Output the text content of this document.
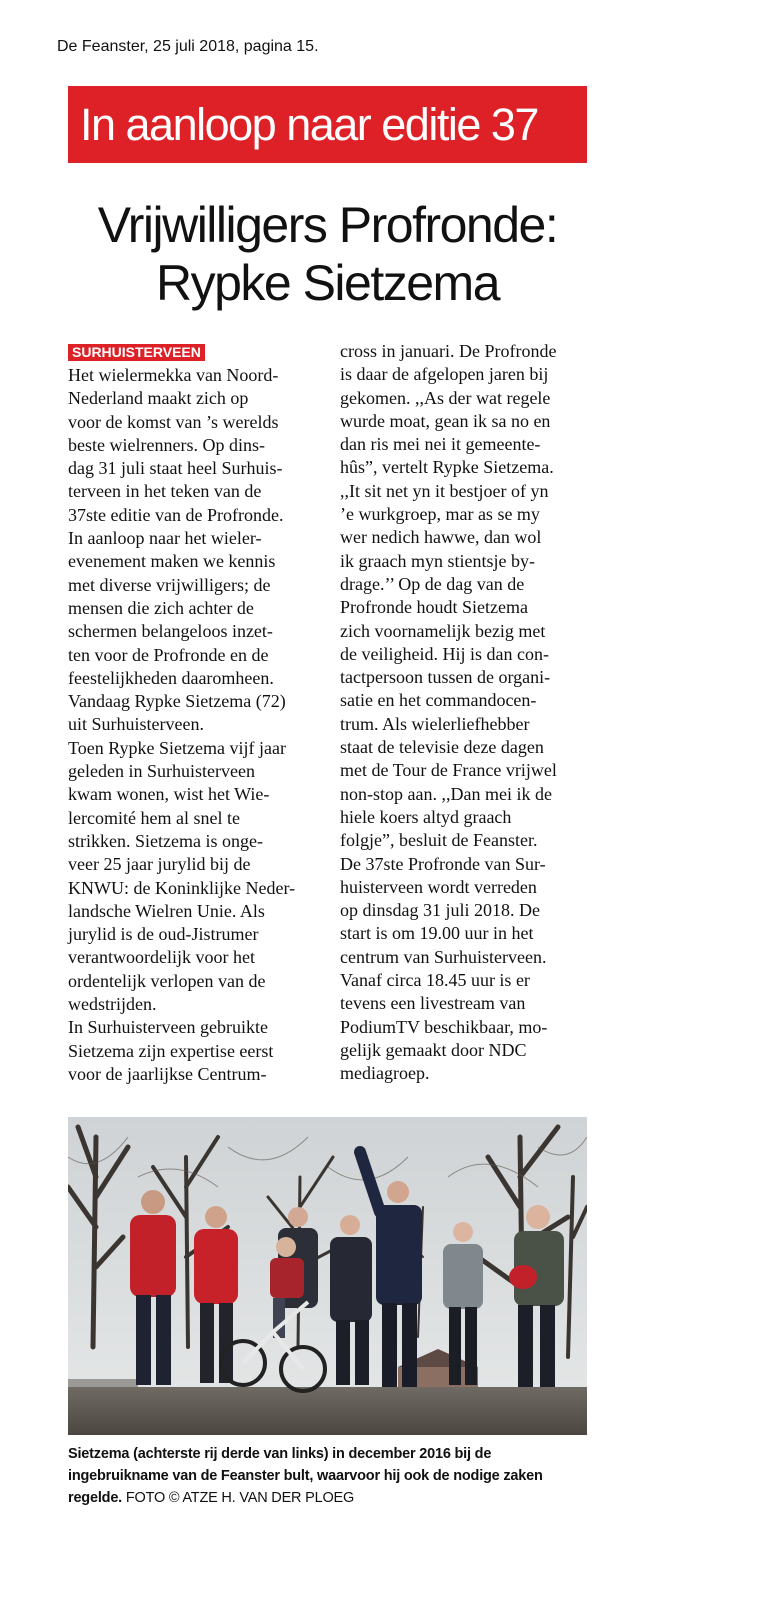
De Feanster, 25 juli 2018, pagina 15.
In aanloop naar editie 37
Vrijwilligers Profronde:
Rypke Sietzema
SURHUISTERVEEN

Het wielermekka van Noord-

Nederland maakt zich op

voor de komst van ’s werelds

beste wielrenners. Op dins-

dag 31 juli staat heel Surhuis-

terveen in het teken van de

37ste editie van de Profronde.

In aanloop naar het wieler-

evenement maken we kennis

met diverse vrijwilligers; de

mensen die zich achter de

schermen belangeloos inzet-

ten voor de Profronde en de

feestelijkheden daaromheen.

Vandaag Rypke Sietzema (72)

uit Surhuisterveen.

Toen Rypke Sietzema vijf jaar

geleden in Surhuisterveen

kwam wonen, wist het Wie-

lercomité hem al snel te

strikken. Sietzema is onge-

veer 25 jaar jurylid bij de

KNWU: de Koninklijke Neder-

landsche Wielren Unie. Als

jurylid is de oud-Jistrumer

verantwoordelijk voor het

ordentelijk verlopen van de

wedstrijden.

In Surhuisterveen gebruikte

Sietzema zijn expertise eerst

voor de jaarlijkse Centrum-

cross in januari. De Profronde

is daar de afgelopen jaren bij

gekomen. ,,As der wat regele

wurde moat, gean ik sa no en

dan ris mei nei it gemeente-

hûs”, vertelt Rypke Sietzema.

,,It sit net yn it bestjoer of yn

’e wurkgroep, mar as se my

wer nedich hawwe, dan wol

ik graach myn stientsje by-

drage.’’ Op de dag van de

Profronde houdt Sietzema

zich voornamelijk bezig met

de veiligheid. Hij is dan con-

tactpersoon tussen de organi-

satie en het commandocen-

trum. Als wielerliefhebber

staat de televisie deze dagen

met de Tour de France vrijwel

non-stop aan. ,,Dan mei ik de

hiele koers altyd graach

folgje”, besluit de Feanster.

De 37ste Profronde van Sur-

huisterveen wordt verreden

op dinsdag 31 juli 2018. De

start is om 19.00 uur in het

centrum van Surhuisterveen.

Vanaf circa 18.45 uur is er

tevens een livestream van

PodiumTV beschikbaar, mo-

gelijk gemaakt door NDC

mediagroep.

Sietzema (achterste rij derde van links) in december 2016 bij de ingebruikname van de Feanster bult, waarvoor hij ook de nodige zaken regelde. FOTO © ATZE H. VAN DER PLOEG
